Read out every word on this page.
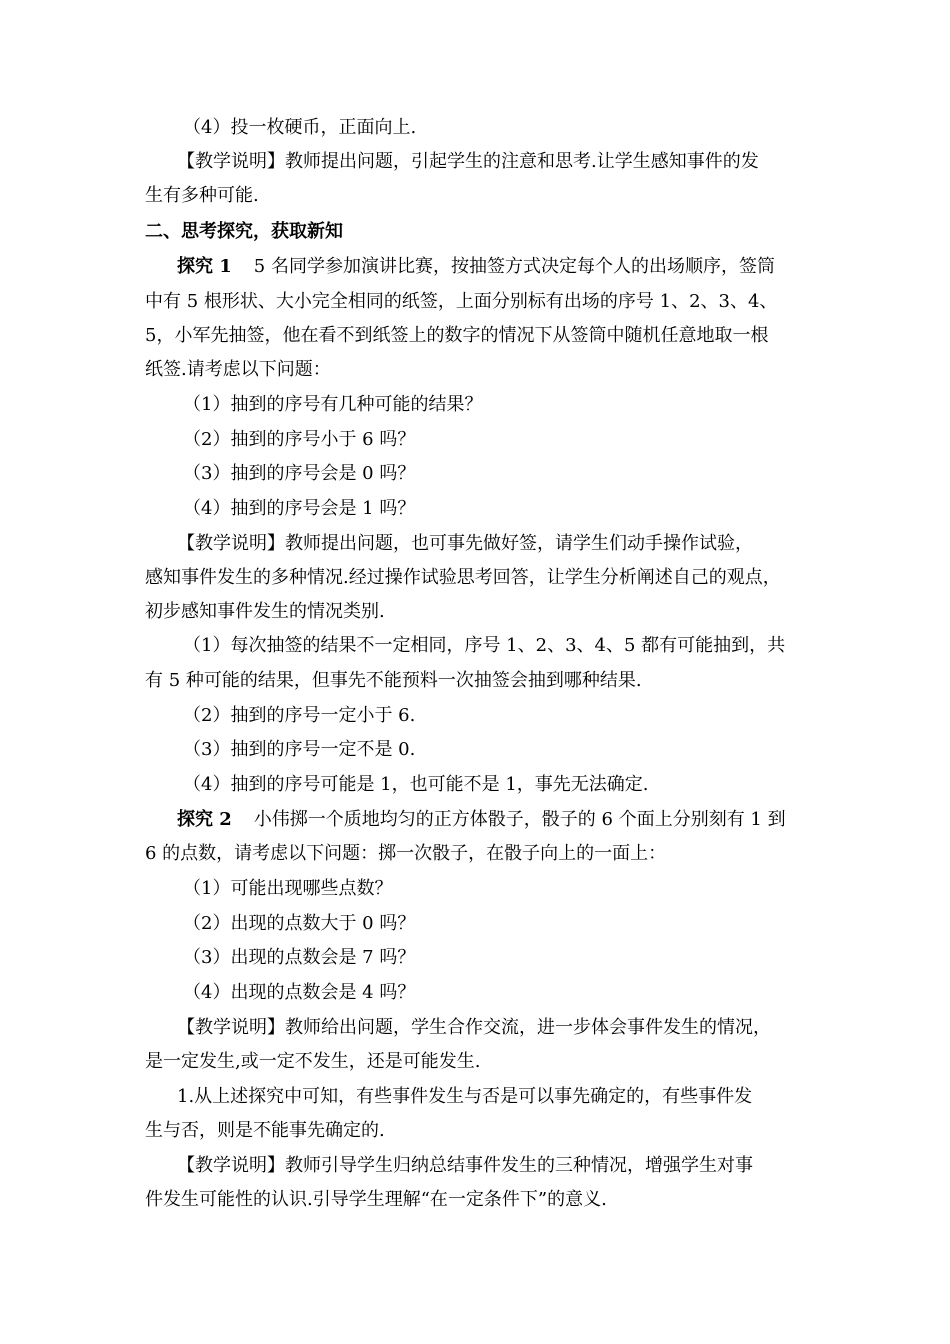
（4）投一枚硬币，正面向上.
【教学说明】教师提出问题，引起学生的注意和思考.让学生感知事件的发
生有多种可能.
二、思考探究，获取新知
探究 1 5 名同学参加演讲比赛，按抽签方式决定每个人的出场顺序，签筒
中有 5 根形状、大小完全相同的纸签，上面分别标有出场的序号 1、2、3、4、
5，小军先抽签，他在看不到纸签上的数字的情况下从签筒中随机任意地取一根
纸签.请考虑以下问题：
（1）抽到的序号有几种可能的结果？
（2）抽到的序号小于 6 吗？
（3）抽到的序号会是 0 吗？
（4）抽到的序号会是 1 吗？
【教学说明】教师提出问题，也可事先做好签，请学生们动手操作试验，
感知事件发生的多种情况.经过操作试验思考回答，让学生分析阐述自己的观点，
初步感知事件发生的情况类别.
（1）每次抽签的结果不一定相同，序号 1、2、3、4、5 都有可能抽到，共
有 5 种可能的结果，但事先不能预料一次抽签会抽到哪种结果.
（2）抽到的序号一定小于 6.
（3）抽到的序号一定不是 0.
（4）抽到的序号可能是 1，也可能不是 1，事先无法确定.
探究 2 小伟掷一个质地均匀的正方体骰子，骰子的 6 个面上分别刻有 1 到
6 的点数，请考虑以下问题：掷一次骰子，在骰子向上的一面上：
（1）可能出现哪些点数？
（2）出现的点数大于 0 吗？
（3）出现的点数会是 7 吗？
（4）出现的点数会是 4 吗？
【教学说明】教师给出问题，学生合作交流，进一步体会事件发生的情况，
是一定发生,或一定不发生，还是可能发生.
1.从上述探究中可知，有些事件发生与否是可以事先确定的，有些事件发
生与否，则是不能事先确定的.
【教学说明】教师引导学生归纳总结事件发生的三种情况，增强学生对事
件发生可能性的认识.引导学生理解“在一定条件下”的意义.
